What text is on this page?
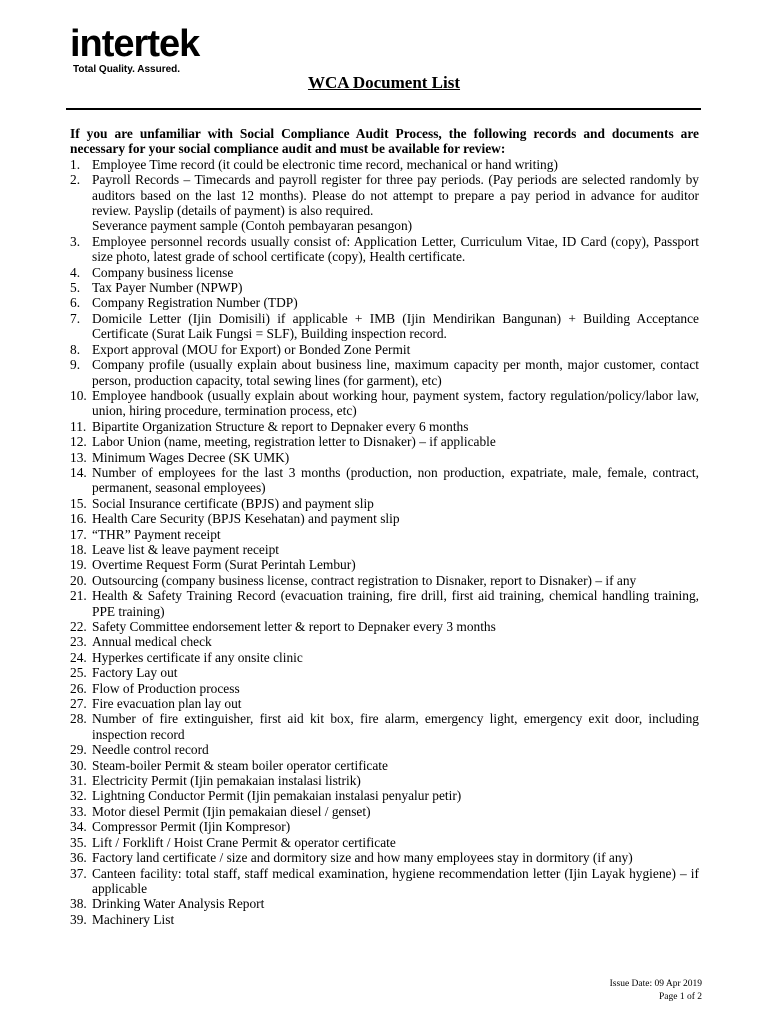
intertek
Total Quality. Assured.
WCA Document List

If you are unfamiliar with Social Compliance Audit Process, the following records and documents are necessary for your social compliance audit and must be available for review:

1. Employee Time record (it could be electronic time record, mechanical or hand writing)
2. Payroll Records – Timecards and payroll register for three pay periods. (Pay periods are selected randomly by auditors based on the last 12 months). Please do not attempt to prepare a pay period in advance for auditor review. Payslip (details of payment) is also required.
Severance payment sample (Contoh pembayaran pesangon)
3. Employee personnel records usually consist of: Application Letter, Curriculum Vitae, ID Card (copy), Passport size photo, latest grade of school certificate (copy), Health certificate.
4. Company business license
5. Tax Payer Number (NPWP)
6. Company Registration Number (TDP)
7. Domicile Letter (Ijin Domisili) if applicable + IMB (Ijin Mendirikan Bangunan) + Building Acceptance Certificate (Surat Laik Fungsi = SLF), Building inspection record.
8. Export approval (MOU for Export) or Bonded Zone Permit
9. Company profile (usually explain about business line, maximum capacity per month, major customer, contact person, production capacity, total sewing lines (for garment), etc)
10. Employee handbook (usually explain about working hour, payment system, factory regulation/policy/labor law, union, hiring procedure, termination process, etc)
11. Bipartite Organization Structure & report to Depnaker every 6 months
12. Labor Union (name, meeting, registration letter to Disnaker) – if applicable
13. Minimum Wages Decree (SK UMK)
14. Number of employees for the last 3 months (production, non production, expatriate, male, female, contract, permanent, seasonal employees)
15. Social Insurance certificate (BPJS) and payment slip
16. Health Care Security (BPJS Kesehatan) and payment slip
17. “THR” Payment receipt
18. Leave list & leave payment receipt
19. Overtime Request Form (Surat Perintah Lembur)
20. Outsourcing (company business license, contract registration to Disnaker, report to Disnaker) – if any
21. Health & Safety Training Record (evacuation training, fire drill, first aid training, chemical handling training, PPE training)
22. Safety Committee endorsement letter & report to Depnaker every 3 months
23. Annual medical check
24. Hyperkes certificate if any onsite clinic
25. Factory Lay out
26. Flow of Production process
27. Fire evacuation plan lay out
28. Number of fire extinguisher, first aid kit box, fire alarm, emergency light, emergency exit door, including inspection record
29. Needle control record
30. Steam-boiler Permit & steam boiler operator certificate
31. Electricity Permit (Ijin pemakaian instalasi listrik)
32. Lightning Conductor Permit (Ijin pemakaian instalasi penyalur petir)
33. Motor diesel Permit (Ijin pemakaian diesel / genset)
34. Compressor Permit (Ijin Kompresor)
35. Lift / Forklift / Hoist Crane Permit & operator certificate
36. Factory land certificate / size and dormitory size and how many employees stay in dormitory (if any)
37. Canteen facility: total staff, staff medical examination, hygiene recommendation letter (Ijin Layak hygiene) – if applicable
38. Drinking Water Analysis Report
39. Machinery List
Issue Date: 09 Apr 2019
Page 1 of 2
